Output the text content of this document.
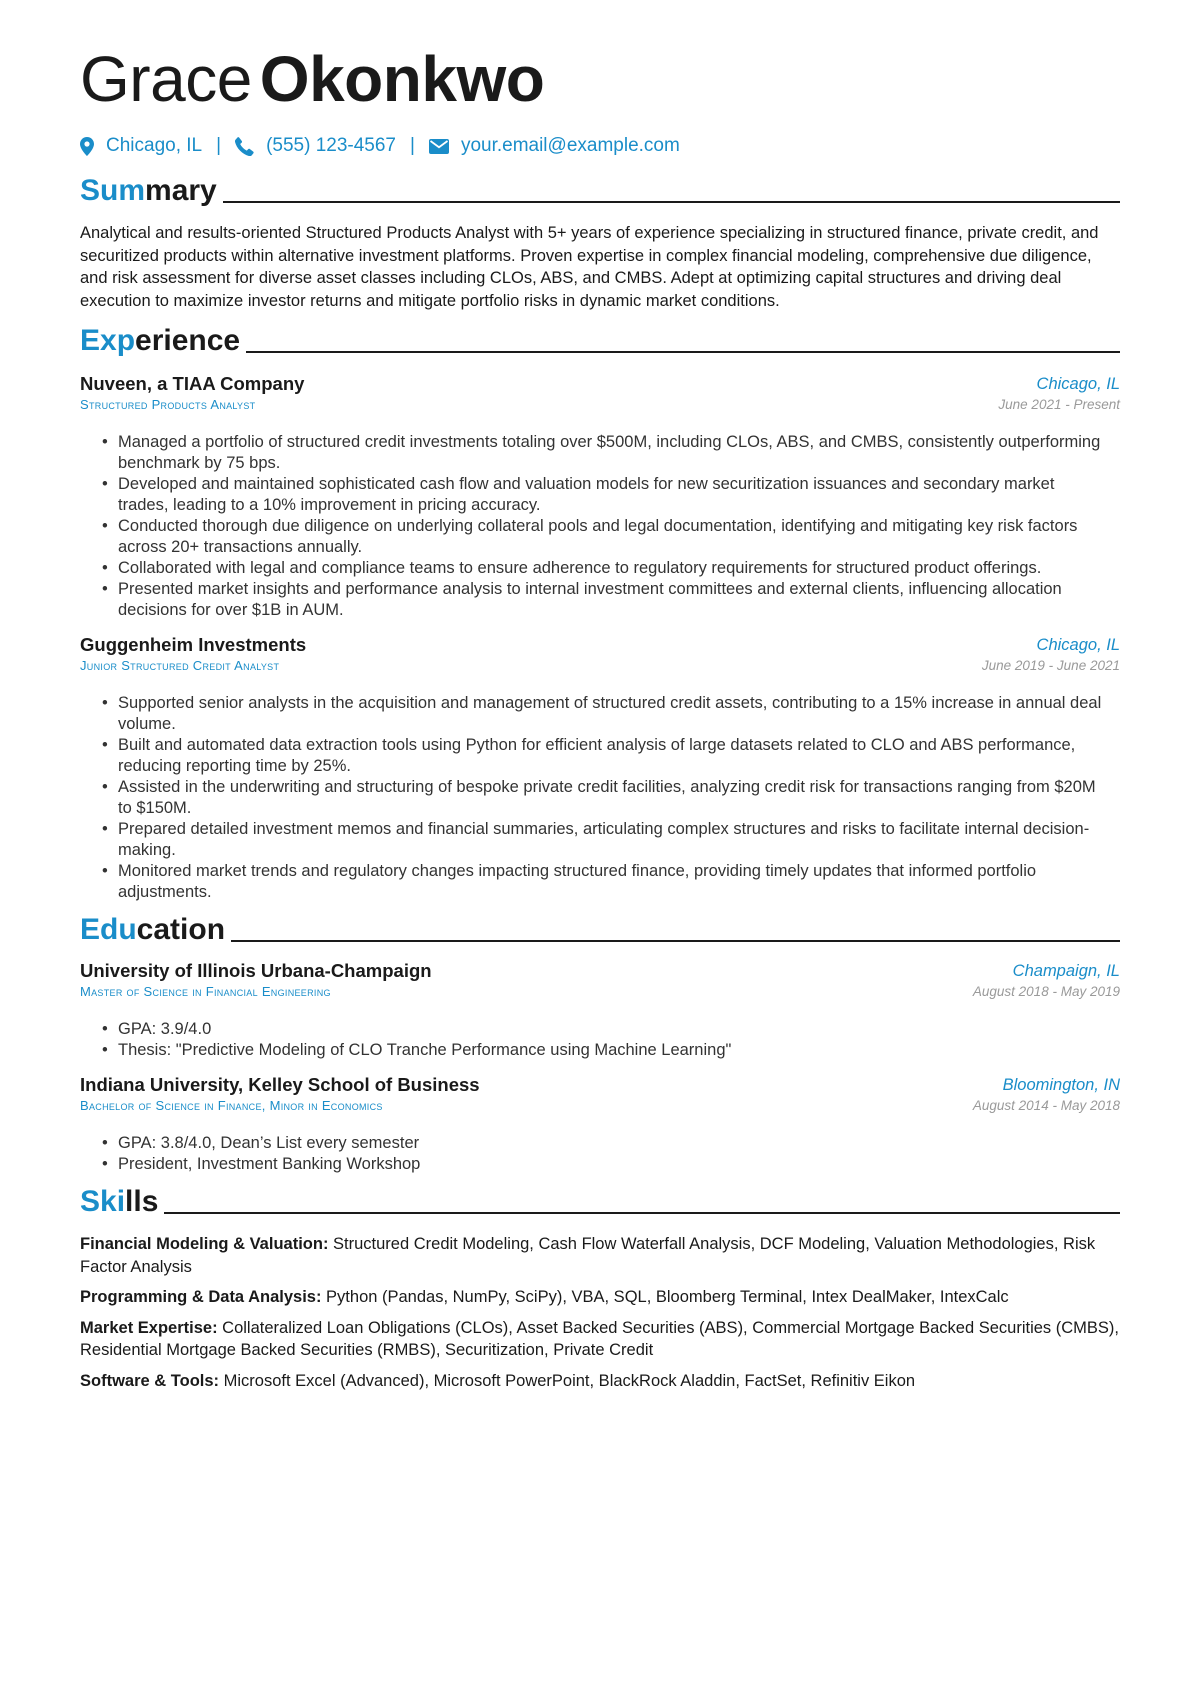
Grace Okonkwo
Chicago, IL | (555) 123-4567 | your.email@example.com
Summary

Analytical and results-oriented Structured Products Analyst with 5+ years of experience specializing in structured finance, private credit, and securitized products within alternative investment platforms. Proven expertise in complex financial modeling, comprehensive due diligence, and risk assessment for diverse asset classes including CLOs, ABS, and CMBS. Adept at optimizing capital structures and driving deal execution to maximize investor returns and mitigate portfolio risks in dynamic market conditions.

Experience
Nuveen, a TIAA Company
Structured Products Analyst
Chicago, IL
June 2021 - Present
• Managed a portfolio of structured credit investments totaling over $500M, including CLOs, ABS, and CMBS, consistently outperforming benchmark by 75 bps.
• Developed and maintained sophisticated cash flow and valuation models for new securitization issuances and secondary market trades, leading to a 10% improvement in pricing accuracy.
• Conducted thorough due diligence on underlying collateral pools and legal documentation, identifying and mitigating key risk factors across 20+ transactions annually.
• Collaborated with legal and compliance teams to ensure adherence to regulatory requirements for structured product offerings.
• Presented market insights and performance analysis to internal investment committees and external clients, influencing allocation decisions for over $1B in AUM.
Guggenheim Investments
Junior Structured Credit Analyst
Chicago, IL
June 2019 - June 2021
• Supported senior analysts in the acquisition and management of structured credit assets, contributing to a 15% increase in annual deal volume.
• Built and automated data extraction tools using Python for efficient analysis of large datasets related to CLO and ABS performance, reducing reporting time by 25%.
• Assisted in the underwriting and structuring of bespoke private credit facilities, analyzing credit risk for transactions ranging from $20M to $150M.
• Prepared detailed investment memos and financial summaries, articulating complex structures and risks to facilitate internal decision-making.
• Monitored market trends and regulatory changes impacting structured finance, providing timely updates that informed portfolio adjustments.
Education
University of Illinois Urbana-Champaign
Master of Science in Financial Engineering
Champaign, IL
August 2018 - May 2019
• GPA: 3.9/4.0
• Thesis: "Predictive Modeling of CLO Tranche Performance using Machine Learning"
Indiana University, Kelley School of Business
Bachelor of Science in Finance, Minor in Economics
Bloomington, IN
August 2014 - May 2018
• GPA: 3.8/4.0, Dean’s List every semester
• President, Investment Banking Workshop
Skills
Financial Modeling & Valuation: Structured Credit Modeling, Cash Flow Waterfall Analysis, DCF Modeling, Valuation Methodologies, Risk Factor Analysis
Programming & Data Analysis: Python (Pandas, NumPy, SciPy), VBA, SQL, Bloomberg Terminal, Intex DealMaker, IntexCalc
Market Expertise: Collateralized Loan Obligations (CLOs), Asset Backed Securities (ABS), Commercial Mortgage Backed Securities (CMBS), Residential Mortgage Backed Securities (RMBS), Securitization, Private Credit
Software & Tools: Microsoft Excel (Advanced), Microsoft PowerPoint, BlackRock Aladdin, FactSet, Refinitiv Eikon
